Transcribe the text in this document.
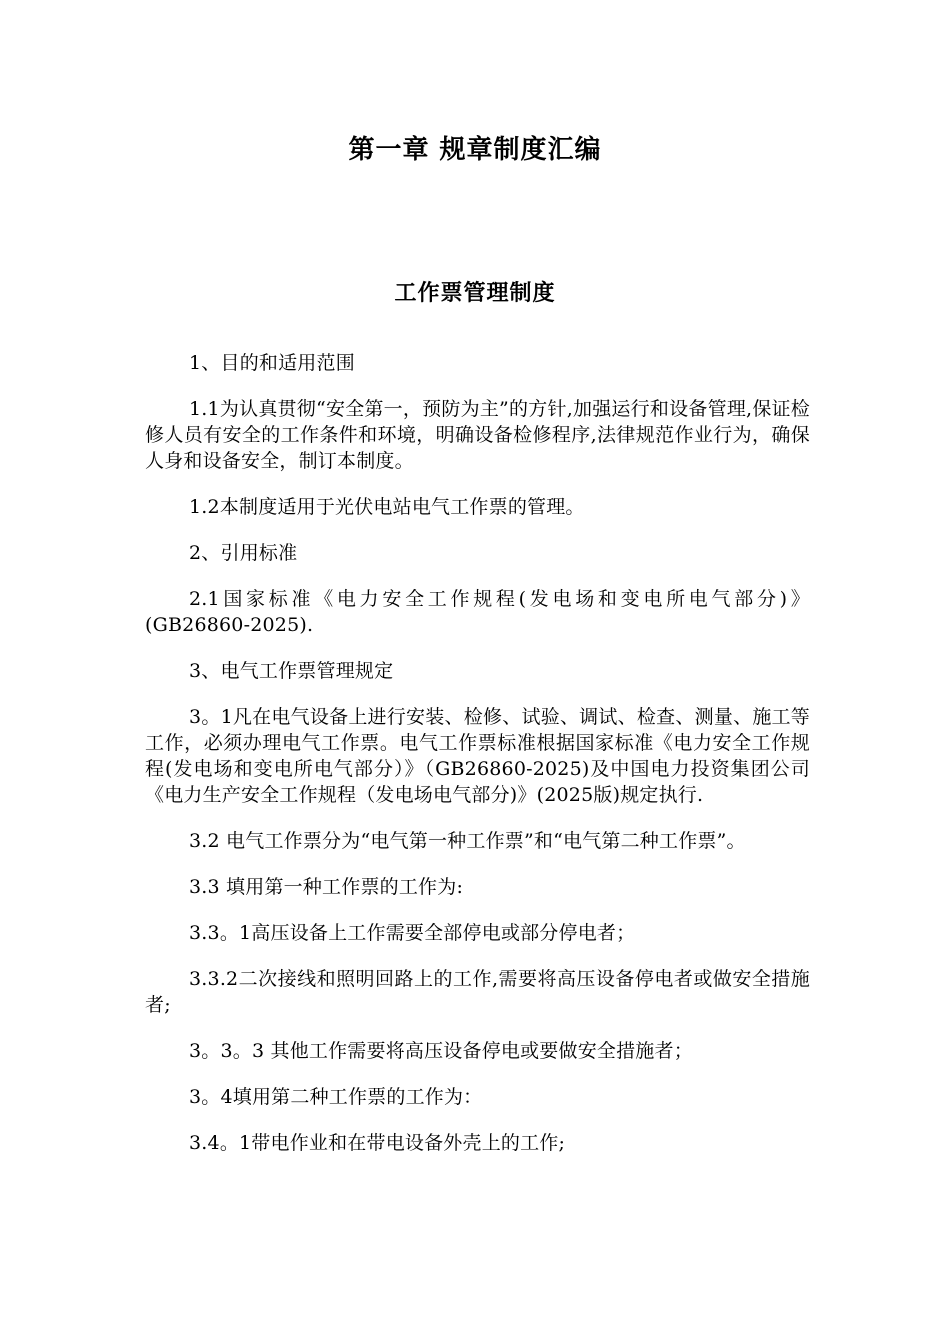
第一章 规章制度汇编
工作票管理制度

1、目的和适用范围

1.1为认真贯彻“安全第一，预防为主”的方针,加强运行和设备管理,保证检修人员有安全的工作条件和环境，明确设备检修程序,法律规范作业行为，确保人身和设备安全，制订本制度。

1.2本制度适用于光伏电站电气工作票的管理。

2、引用标准

2.1国家标准《电力安全工作规程(发电场和变电所电气部分)》(GB26860-2025).

3、电气工作票管理规定

3。1凡在电气设备上进行安装、检修、试验、调试、检查、测量、施工等工作，必须办理电气工作票。电气工作票标准根据国家标准《电力安全工作规程(发电场和变电所电气部分）》（GB26860-2025)及中国电力投资集团公司《电力生产安全工作规程（发电场电气部分)》(2025版)规定执行.

3.2 电气工作票分为“电气第一种工作票”和“电气第二种工作票”。

3.3 填用第一种工作票的工作为:

3.3。1高压设备上工作需要全部停电或部分停电者；

3.3.2二次接线和照明回路上的工作,需要将高压设备停电者或做安全措施者;

3。3。3 其他工作需要将高压设备停电或要做安全措施者；

3。4填用第二种工作票的工作为：

3.4。1带电作业和在带电设备外壳上的工作;
